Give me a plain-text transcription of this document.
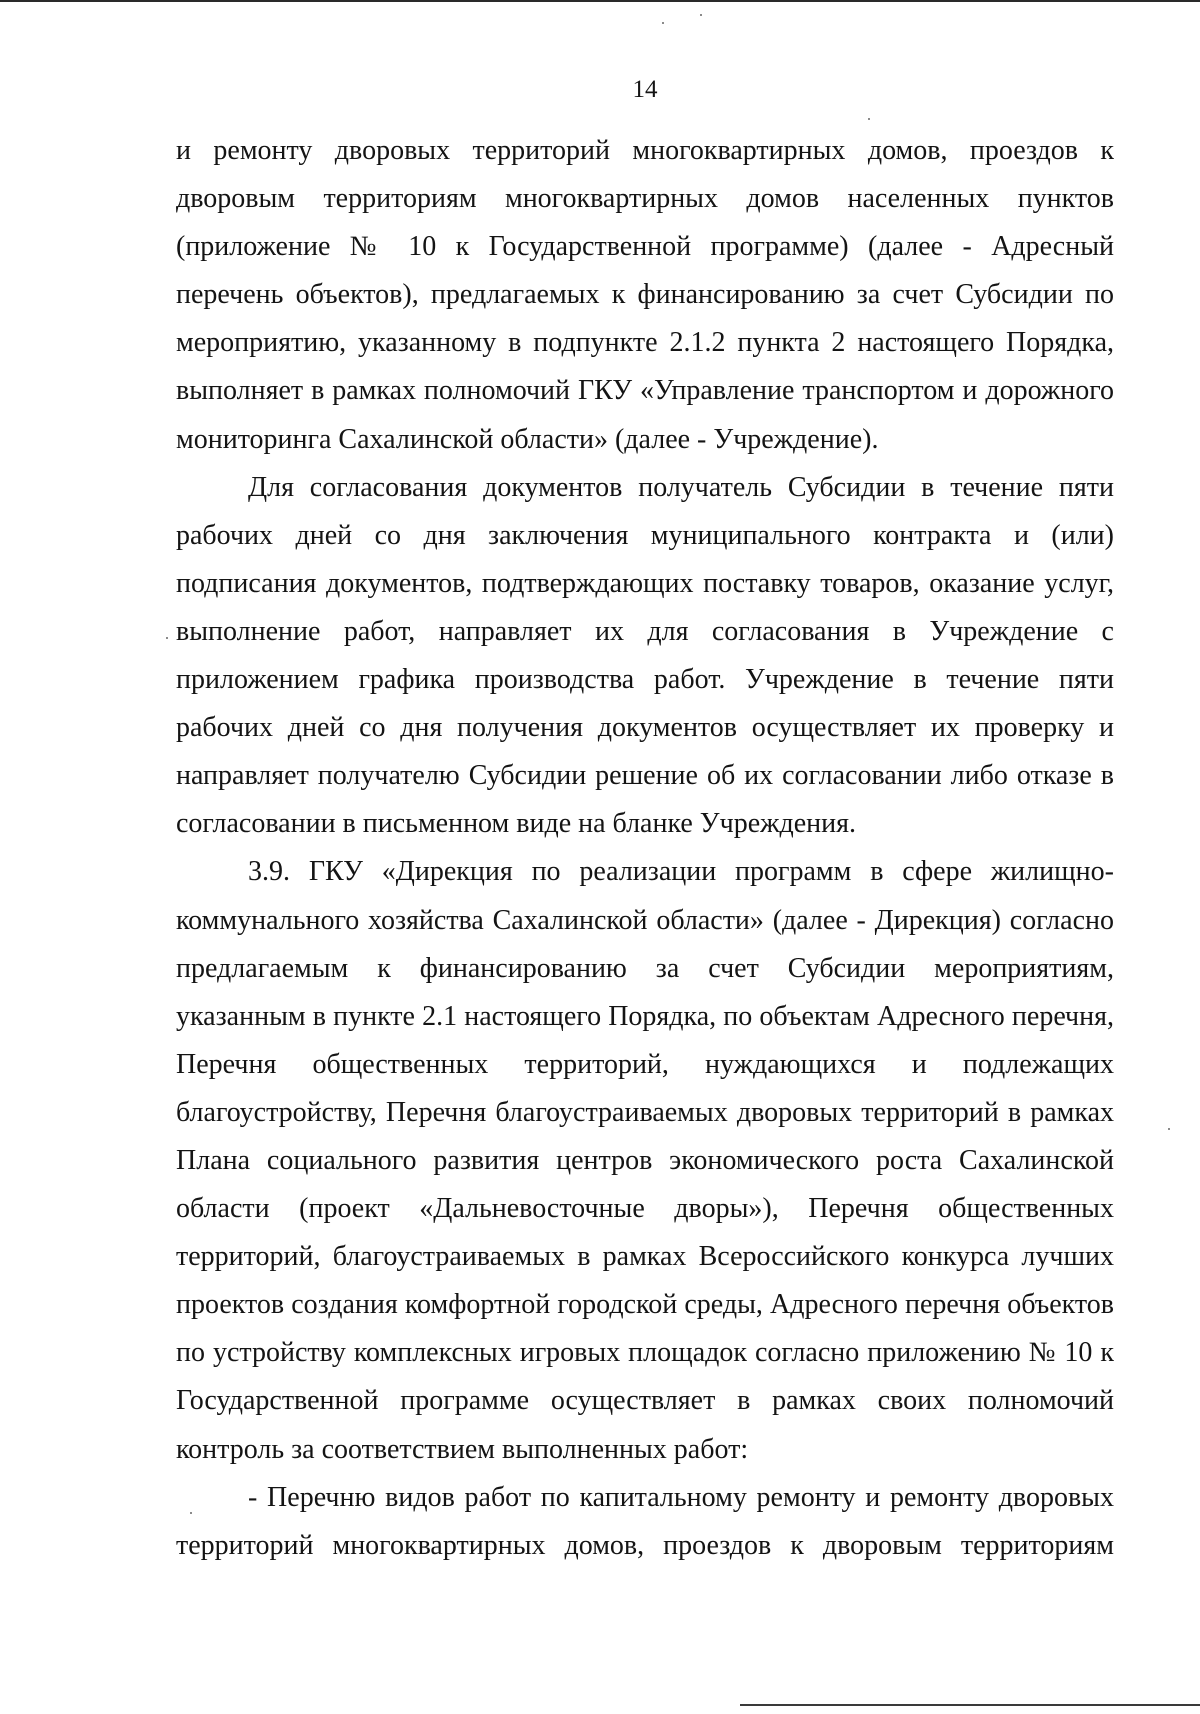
14

и ремонту дворовых территорий многоквартирных домов, проездов к дворовым территориям многоквартирных домов населенных пунктов (приложение № 10 к Государственной программе) (далее - Адресный перечень объектов), предлагаемых к финансированию за счет Субсидии по мероприятию, указанному в подпункте 2.1.2 пункта 2 настоящего Порядка, выполняет в рамках полномочий ГКУ «Управление транспортом и дорожного мониторинга Сахалинской области» (далее - Учреждение).

Для согласования документов получатель Субсидии в течение пяти рабочих дней со дня заключения муниципального контракта и (или) подписания документов, подтверждающих поставку товаров, оказание услуг, выполнение работ, направляет их для согласования в Учреждение с приложением графика производства работ. Учреждение в течение пяти рабочих дней со дня получения документов осуществляет их проверку и направляет получателю Субсидии решение об их согласовании либо отказе в согласовании в письменном виде на бланке Учреждения.

3.9. ГКУ «Дирекция по реализации программ в сфере жилищно-коммунального хозяйства Сахалинской области» (далее - Дирекция) согласно предлагаемым к финансированию за счет Субсидии мероприятиям, указанным в пункте 2.1 настоящего Порядка, по объектам Адресного перечня, Перечня общественных территорий, нуждающихся и подлежащих благоустройству, Перечня благоустраиваемых дворовых территорий в рамках Плана социального развития центров экономического роста Сахалинской области (проект «Дальневосточные дворы»), Перечня общественных территорий, благоустраиваемых в рамках Всероссийского конкурса лучших проектов создания комфортной городской среды, Адресного перечня объектов по устройству комплексных игровых площадок согласно приложению № 10 к Государственной программе осуществляет в рамках своих полномочий контроль за соответствием выполненных работ:

- Перечню видов работ по капитальному ремонту и ремонту дворовых территорий многоквартирных домов, проездов к дворовым территориям
